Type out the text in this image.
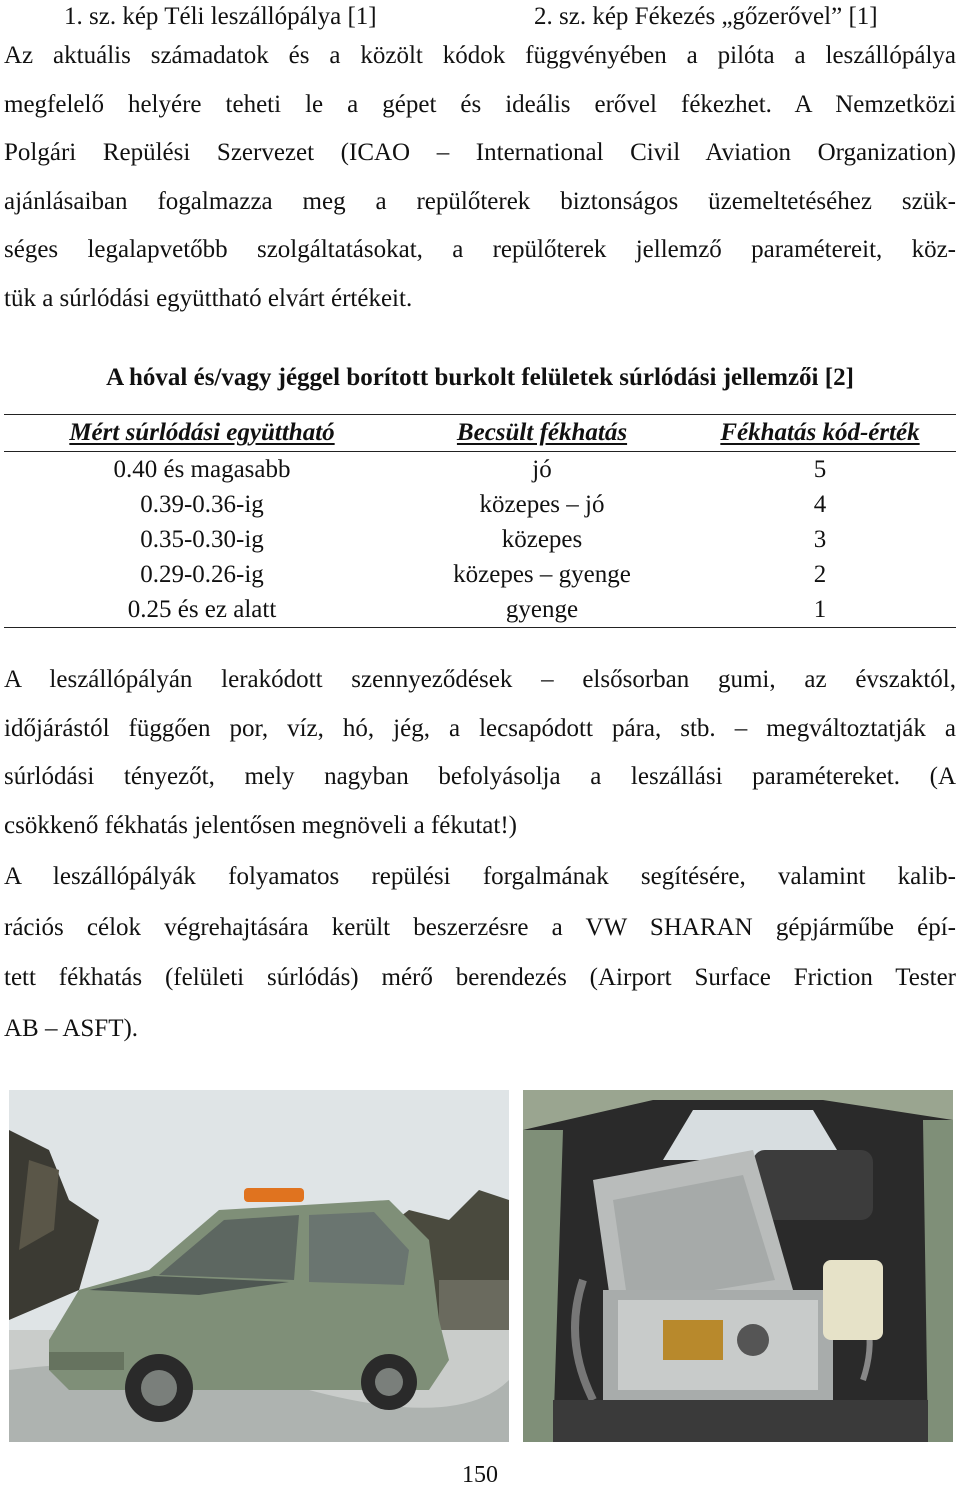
1. sz. kép Téli leszállópálya [1]	2. sz. kép Fékezés „gőzerővel” [1]

Az aktuális számadatok és a közölt kódok függvényében a pilóta a leszállópálya
megfelelő helyére teheti le a gépet és ideális erővel fékezhet. A Nemzetközi
Polgári Repülési Szervezet (ICAO – International Civil Aviation Organization)
ajánlásaiban fogalmazza meg a repülőterek biztonságos üzemeltetéséhez szük-
séges legalapvetőbb szolgáltatásokat, a repülőterek jellemző paramétereit, köz-
tük a súrlódási együttható elvárt értékeit.

A hóval és/vagy jéggel borított burkolt felületek súrlódási jellemzői [2]
Mért súrlódási együttható	Becsült fékhatás	Fékhatás kód-érték
0.40 és magasabb	jó	5
0.39-0.36-ig	közepes – jó	4
0.35-0.30-ig	közepes	3
0.29-0.26-ig	közepes – gyenge	2
0.25 és ez alatt	gyenge	1

A leszállópályán lerakódott szennyeződések – elsősorban gumi, az évszaktól,
időjárástól függően por, víz, hó, jég, a lecsapódott pára, stb. – megváltoztatják a
súrlódási tényezőt, mely nagyban befolyásolja a leszállási paramétereket. (A
csökkenő fékhatás jelentősen megnöveli a fékutat!)

A leszállópályák folyamatos repülési forgalmának segítésére, valamint kalib-
rációs célok végrehajtására került beszerzésre a VW SHARAN gépjárműbe épí-
tett fékhatás (felületi súrlódás) mérő berendezés (Airport Surface Friction Tester
AB – ASFT).

150
